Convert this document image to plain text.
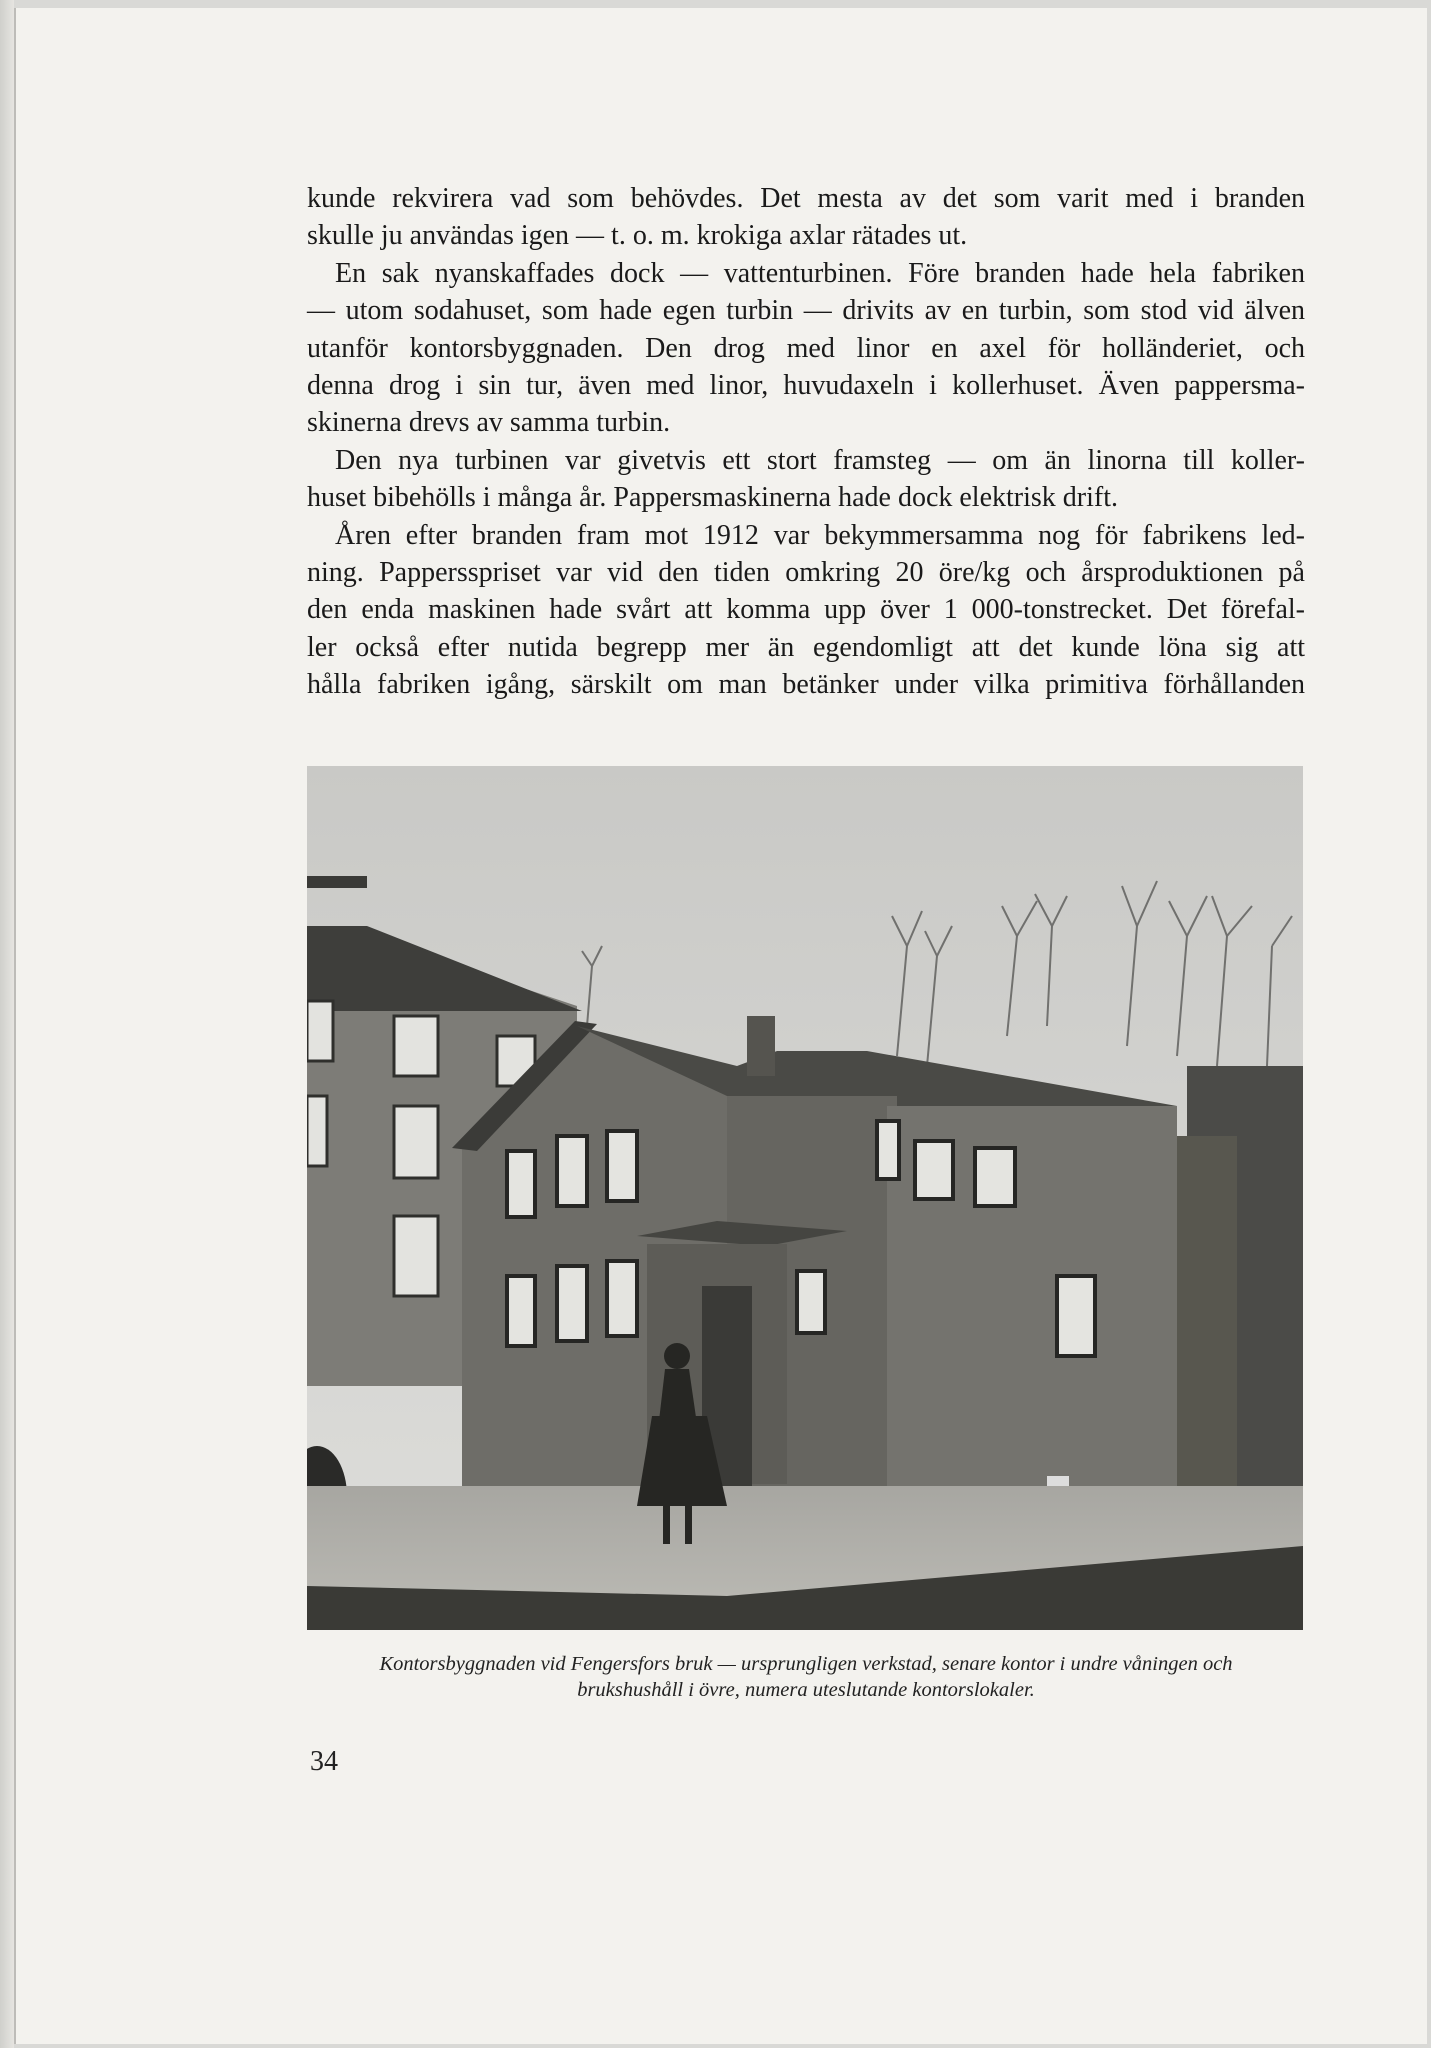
kunde rekvirera vad som behövdes. Det mesta av det som varit med i branden
skulle ju användas igen — t. o. m. krokiga axlar rätades ut.
En sak nyanskaffades dock — vattenturbinen. Före branden hade hela fabriken
— utom sodahuset, som hade egen turbin — drivits av en turbin, som stod vid älven
utanför kontorsbyggnaden. Den drog med linor en axel för holländeriet, och
denna drog i sin tur, även med linor, huvudaxeln i kollerhuset. Även pappersma-
skinerna drevs av samma turbin.
Den nya turbinen var givetvis ett stort framsteg — om än linorna till koller-
huset bibehölls i många år. Pappersmaskinerna hade dock elektrisk drift.
Åren efter branden fram mot 1912 var bekymmersamma nog för fabrikens led-
ning. Pappersspriset var vid den tiden omkring 20 öre/kg och årsproduktionen på
den enda maskinen hade svårt att komma upp över 1 000-tonstrecket. Det förefal-
ler också efter nutida begrepp mer än egendomligt att det kunde löna sig att
hålla fabriken igång, särskilt om man betänker under vilka primitiva förhållanden
Kontorsbyggnaden vid Fengersfors bruk — ursprungligen verkstad, senare kontor i undre våningen och
brukshushåll i övre, numera uteslutande kontorslokaler.
34
